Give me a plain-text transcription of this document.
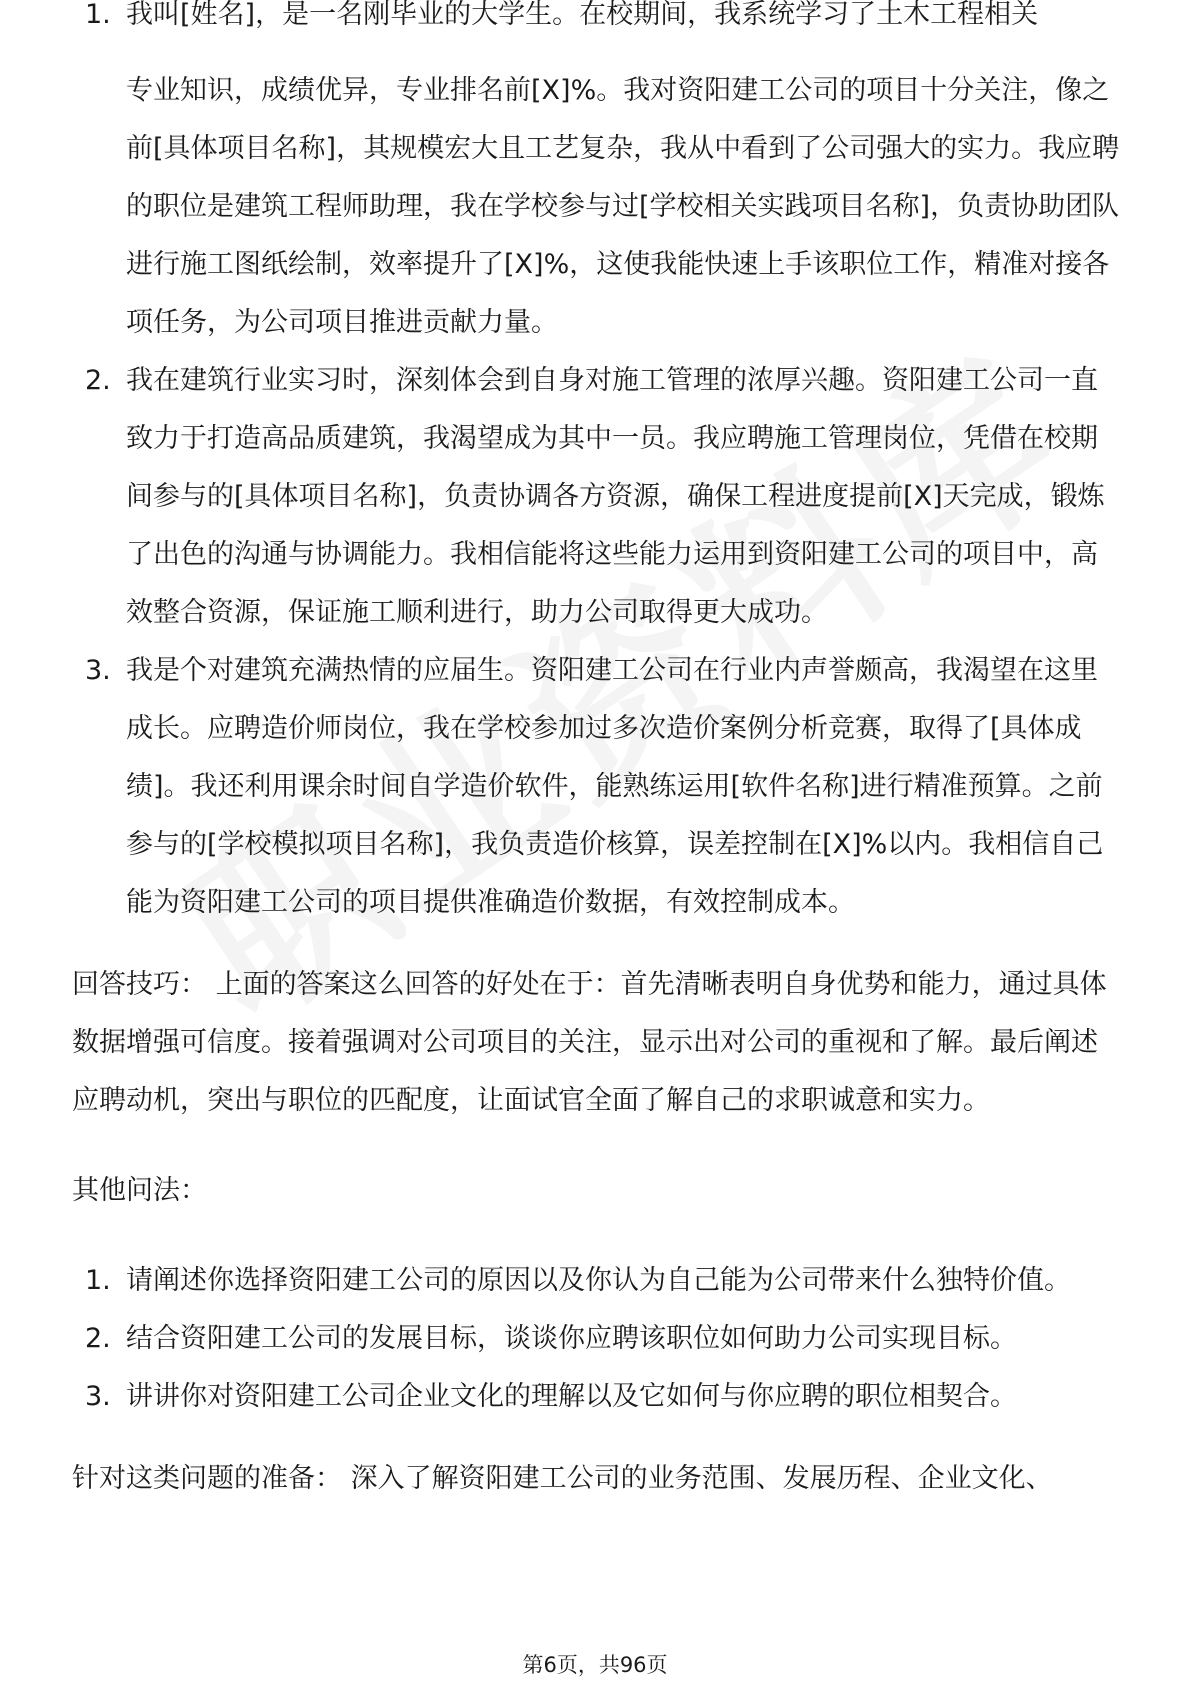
1. 我叫[姓名]，是一名刚毕业的大学生。在校期间，我系统学习了土木工程相关
专业知识，成绩优异，专业排名前[X]%。我对资阳建工公司的项目十分关注，像之前[具体项目名称]，其规模宏大且工艺复杂，我从中看到了公司强大的实力。我应聘的职位是建筑工程师助理，我在学校参与过[学校相关实践项目名称]，负责协助团队进行施工图纸绘制，效率提升了[X]%，这使我能快速上手该职位工作，精准对接各项任务，为公司项目推进贡献力量。
2. 我在建筑行业实习时，深刻体会到自身对施工管理的浓厚兴趣。资阳建工公司一直致力于打造高品质建筑，我渴望成为其中一员。我应聘施工管理岗位，凭借在校期间参与的[具体项目名称]，负责协调各方资源，确保工程进度提前[X]天完成，锻炼了出色的沟通与协调能力。我相信能将这些能力运用到资阳建工公司的项目中，高效整合资源，保证施工顺利进行，助力公司取得更大成功。
3. 我是个对建筑充满热情的应届生。资阳建工公司在行业内声誉颇高，我渴望在这里成长。应聘造价师岗位，我在学校参加过多次造价案例分析竞赛，取得了[具体成绩]。我还利用课余时间自学造价软件，能熟练运用[软件名称]进行精准预算。之前参与的[学校模拟项目名称]，我负责造价核算，误差控制在[X]%以内。我相信自己能为资阳建工公司的项目提供准确造价数据，有效控制成本。

回答技巧： 上面的答案这么回答的好处在于：首先清晰表明自身优势和能力，通过具体数据增强可信度。接着强调对公司项目的关注，显示出对公司的重视和了解。最后阐述应聘动机，突出与职位的匹配度，让面试官全面了解自己的求职诚意和实力。

其他问法：

1. 请阐述你选择资阳建工公司的原因以及你认为自己能为公司带来什么独特价值。
2. 结合资阳建工公司的发展目标，谈谈你应聘该职位如何助力公司实现目标。
3. 讲讲你对资阳建工公司企业文化的理解以及它如何与你应聘的职位相契合。

针对这类问题的准备： 深入了解资阳建工公司的业务范围、发展历程、企业文化、

第6页，共96页
